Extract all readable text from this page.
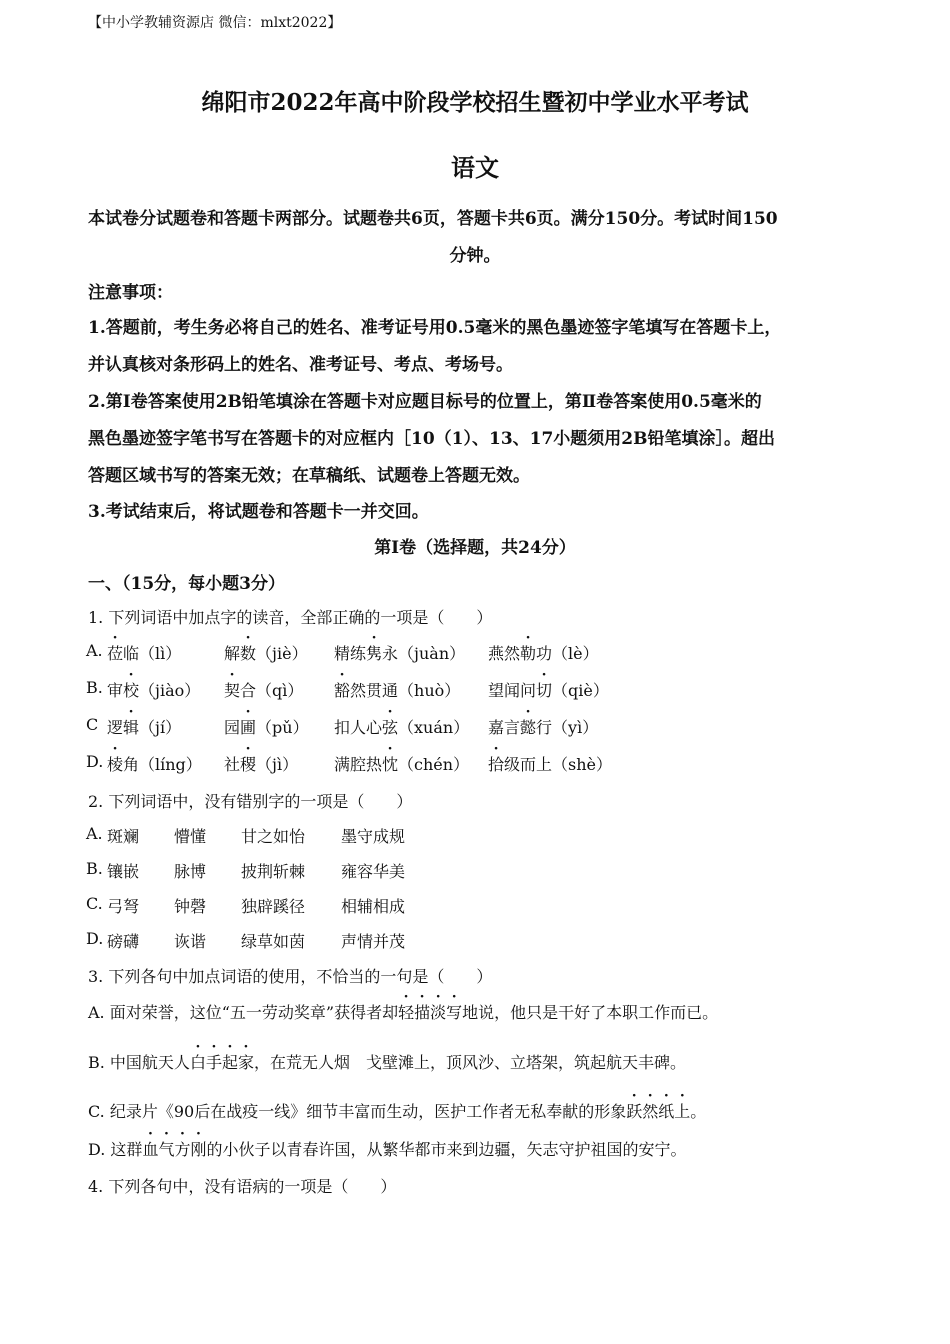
【中小学教辅资源店 微信：mlxt2022】
绵阳市2022年高中阶段学校招生暨初中学业水平考试
语文
本试卷分试题卷和答题卡两部分。试题卷共6页，答题卡共6页。满分150分。考试时间150
分钟。
注意事项：
1.答题前，考生务必将自己的姓名、准考证号用0.5毫米的黑色墨迹签字笔填写在答题卡上，
并认真核对条形码上的姓名、准考证号、考点、考场号。
2.第Ⅰ卷答案使用2B铅笔填涂在答题卡对应题目标号的位置上，第Ⅱ卷答案使用0.5毫米的
黑色墨迹签字笔书写在答题卡的对应框内［10（1）、13、17小题须用2B铅笔填涂］。超出
答题区域书写的答案无效；在草稿纸、试题卷上答题无效。
3.考试结束后，将试题卷和答题卡一并交回。
第Ⅰ卷（选择题，共24分）
一、（15分，每小题3分）
1. 下列词语中加点字的读音，全部正确的一项是（　　）
A. 莅临（lì）	解数（jiè） 精练隽永（juàn） 燕然勒功（lè）
B. 审校（jiào） 契合（qì） 豁然贯通（huò） 望闻问切（qiè）
C 逻辑（jí）	园圃（pǔ） 扣人心弦（xuán） 嘉言懿行（yì）
D. 棱角（líng） 社稷（jì） 满腔热忱（chén） 拾级而上（shè）
2. 下列词语中，没有错别字的一项是（　　）
A. 斑斓 懵懂 甘之如怡 墨守成规
B. 镶嵌 脉博 披荆斩棘 雍容华美
C. 弓弩 钟磬 独辟蹊径 相辅相成
D. 磅礴 诙谐 绿草如茵 声情并茂
3. 下列各句中加点词语的使用，不恰当的一句是（　　）
A. 面对荣誉，这位“五一劳动奖章”获得者却轻描淡写地说，他只是干好了本职工作而已。
B. 中国航天人白手起家，在荒无人烟　戈壁滩上，顶风沙、立塔架，筑起航天丰碑。
C. 纪录片《90后在战疫一线》细节丰富而生动，医护工作者无私奉献的形象跃然纸上。
D. 这群血气方刚的小伙子以青春许国，从繁华都市来到边疆，矢志守护祖国的安宁。
4. 下列各句中，没有语病的一项是（　　）
